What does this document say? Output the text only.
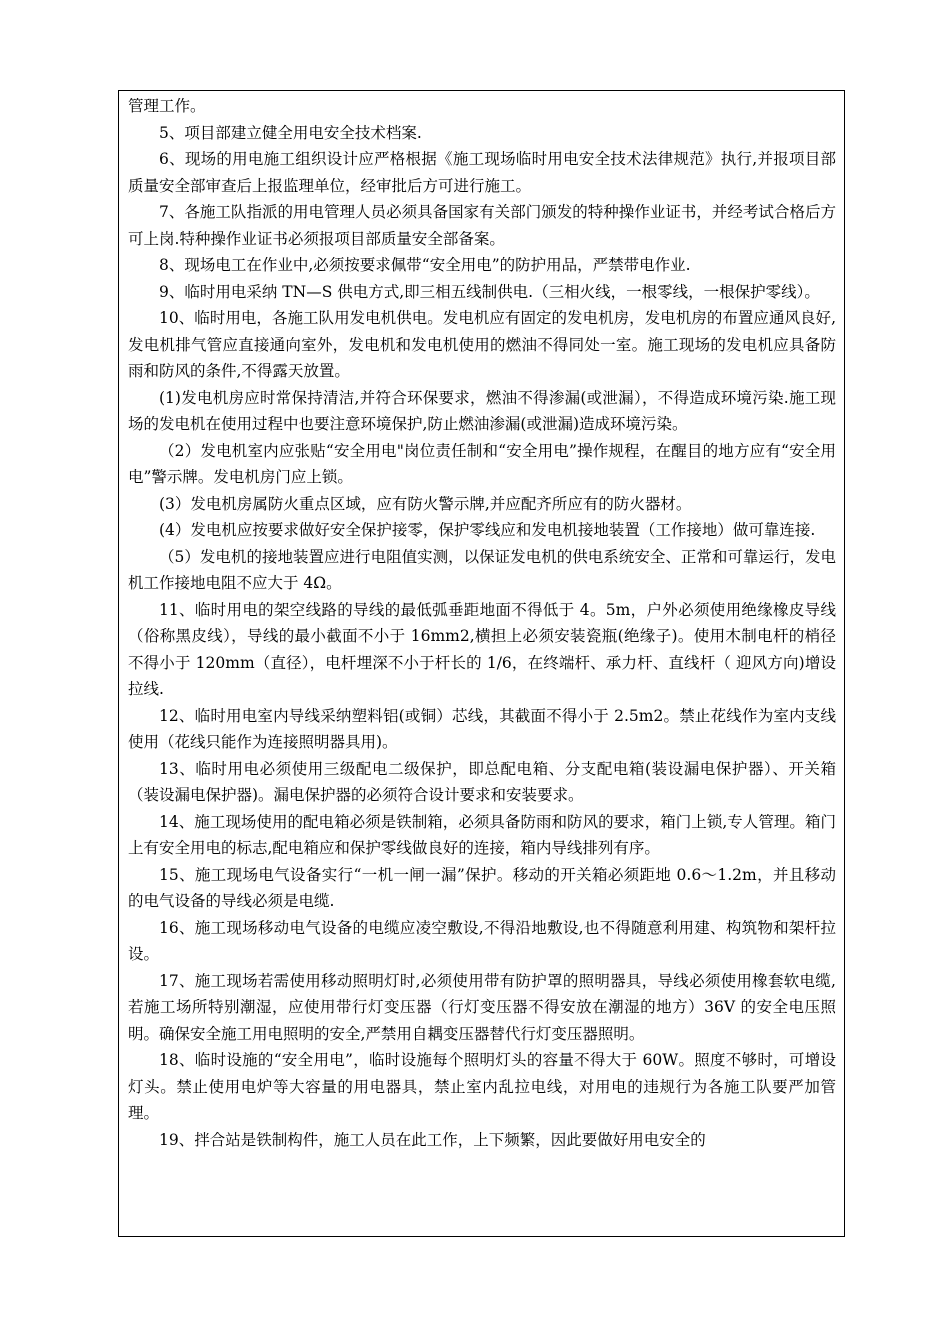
管理工作。

5、项目部建立健全用电安全技术档案.

6、现场的用电施工组织设计应严格根据《施工现场临时用电安全技术法律规范》执行,并报项目部质量安全部审查后上报监理单位，经审批后方可进行施工。

7、各施工队指派的用电管理人员必须具备国家有关部门颁发的特种操作业证书，并经考试合格后方可上岗.特种操作业证书必须报项目部质量安全部备案。

8、现场电工在作业中,必须按要求佩带“安全用电”的防护用品，严禁带电作业.

9、临时用电采纳 TN—S 供电方式,即三相五线制供电.（三相火线，一根零线，一根保护零线）。

10、临时用电，各施工队用发电机供电。发电机应有固定的发电机房，发电机房的布置应通风良好,发电机排气管应直接通向室外，发电机和发电机使用的燃油不得同处一室。施工现场的发电机应具备防雨和防风的条件,不得露天放置。

(1)发电机房应时常保持清洁,并符合环保要求，燃油不得渗漏(或泄漏），不得造成环境污染.施工现场的发电机在使用过程中也要注意环境保护,防止燃油渗漏(或泄漏)造成环境污染。

（2）发电机室内应张贴“安全用电"岗位责任制和“安全用电”操作规程，在醒目的地方应有“安全用电”警示牌。发电机房门应上锁。

(3）发电机房属防火重点区域，应有防火警示牌,并应配齐所应有的防火器材。

(4）发电机应按要求做好安全保护接零，保护零线应和发电机接地装置（工作接地）做可靠连接.

（5）发电机的接地装置应进行电阻值实测，以保证发电机的供电系统安全、正常和可靠运行，发电机工作接地电阻不应大于 4Ω。

11、临时用电的架空线路的导线的最低弧垂距地面不得低于 4。5m，户外必须使用绝缘橡皮导线（俗称黑皮线），导线的最小截面不小于 16mm2,横担上必须安装瓷瓶(绝缘子)。使用木制电杆的梢径不得小于 120mm（直径），电杆埋深不小于杆长的 1/6，在终端杆、承力杆、直线杆（ 迎风方向)增设拉线.

12、临时用电室内导线采纳塑料铝(或铜）芯线，其截面不得小于 2.5m2。禁止花线作为室内支线使用（花线只能作为连接照明器具用)。

13、临时用电必须使用三级配电二级保护，即总配电箱、分支配电箱(装设漏电保护器）、开关箱（装设漏电保护器)。漏电保护器的必须符合设计要求和安装要求。

14、施工现场使用的配电箱必须是铁制箱，必须具备防雨和防风的要求，箱门上锁,专人管理。箱门上有安全用电的标志,配电箱应和保护零线做良好的连接，箱内导线排列有序。

15、施工现场电气设备实行“一机一闸一漏”保护。移动的开关箱必须距地 0.6～1.2m，并且移动的电气设备的导线必须是电缆.

16、施工现场移动电气设备的电缆应凌空敷设,不得沿地敷设,也不得随意利用建、构筑物和架杆拉设。

17、施工现场若需使用移动照明灯时,必须使用带有防护罩的照明器具，导线必须使用橡套软电缆,若施工场所特别潮湿，应使用带行灯变压器（行灯变压器不得安放在潮湿的地方）36V 的安全电压照明。确保安全施工用电照明的安全,严禁用自耦变压器替代行灯变压器照明。

18、临时设施的“安全用电”，临时设施每个照明灯头的容量不得大于 60W。照度不够时，可增设灯头。禁止使用电炉等大容量的用电器具，禁止室内乱拉电线，对用电的违规行为各施工队要严加管理。

19、拌合站是铁制构件，施工人员在此工作，上下频繁，因此要做好用电安全的
